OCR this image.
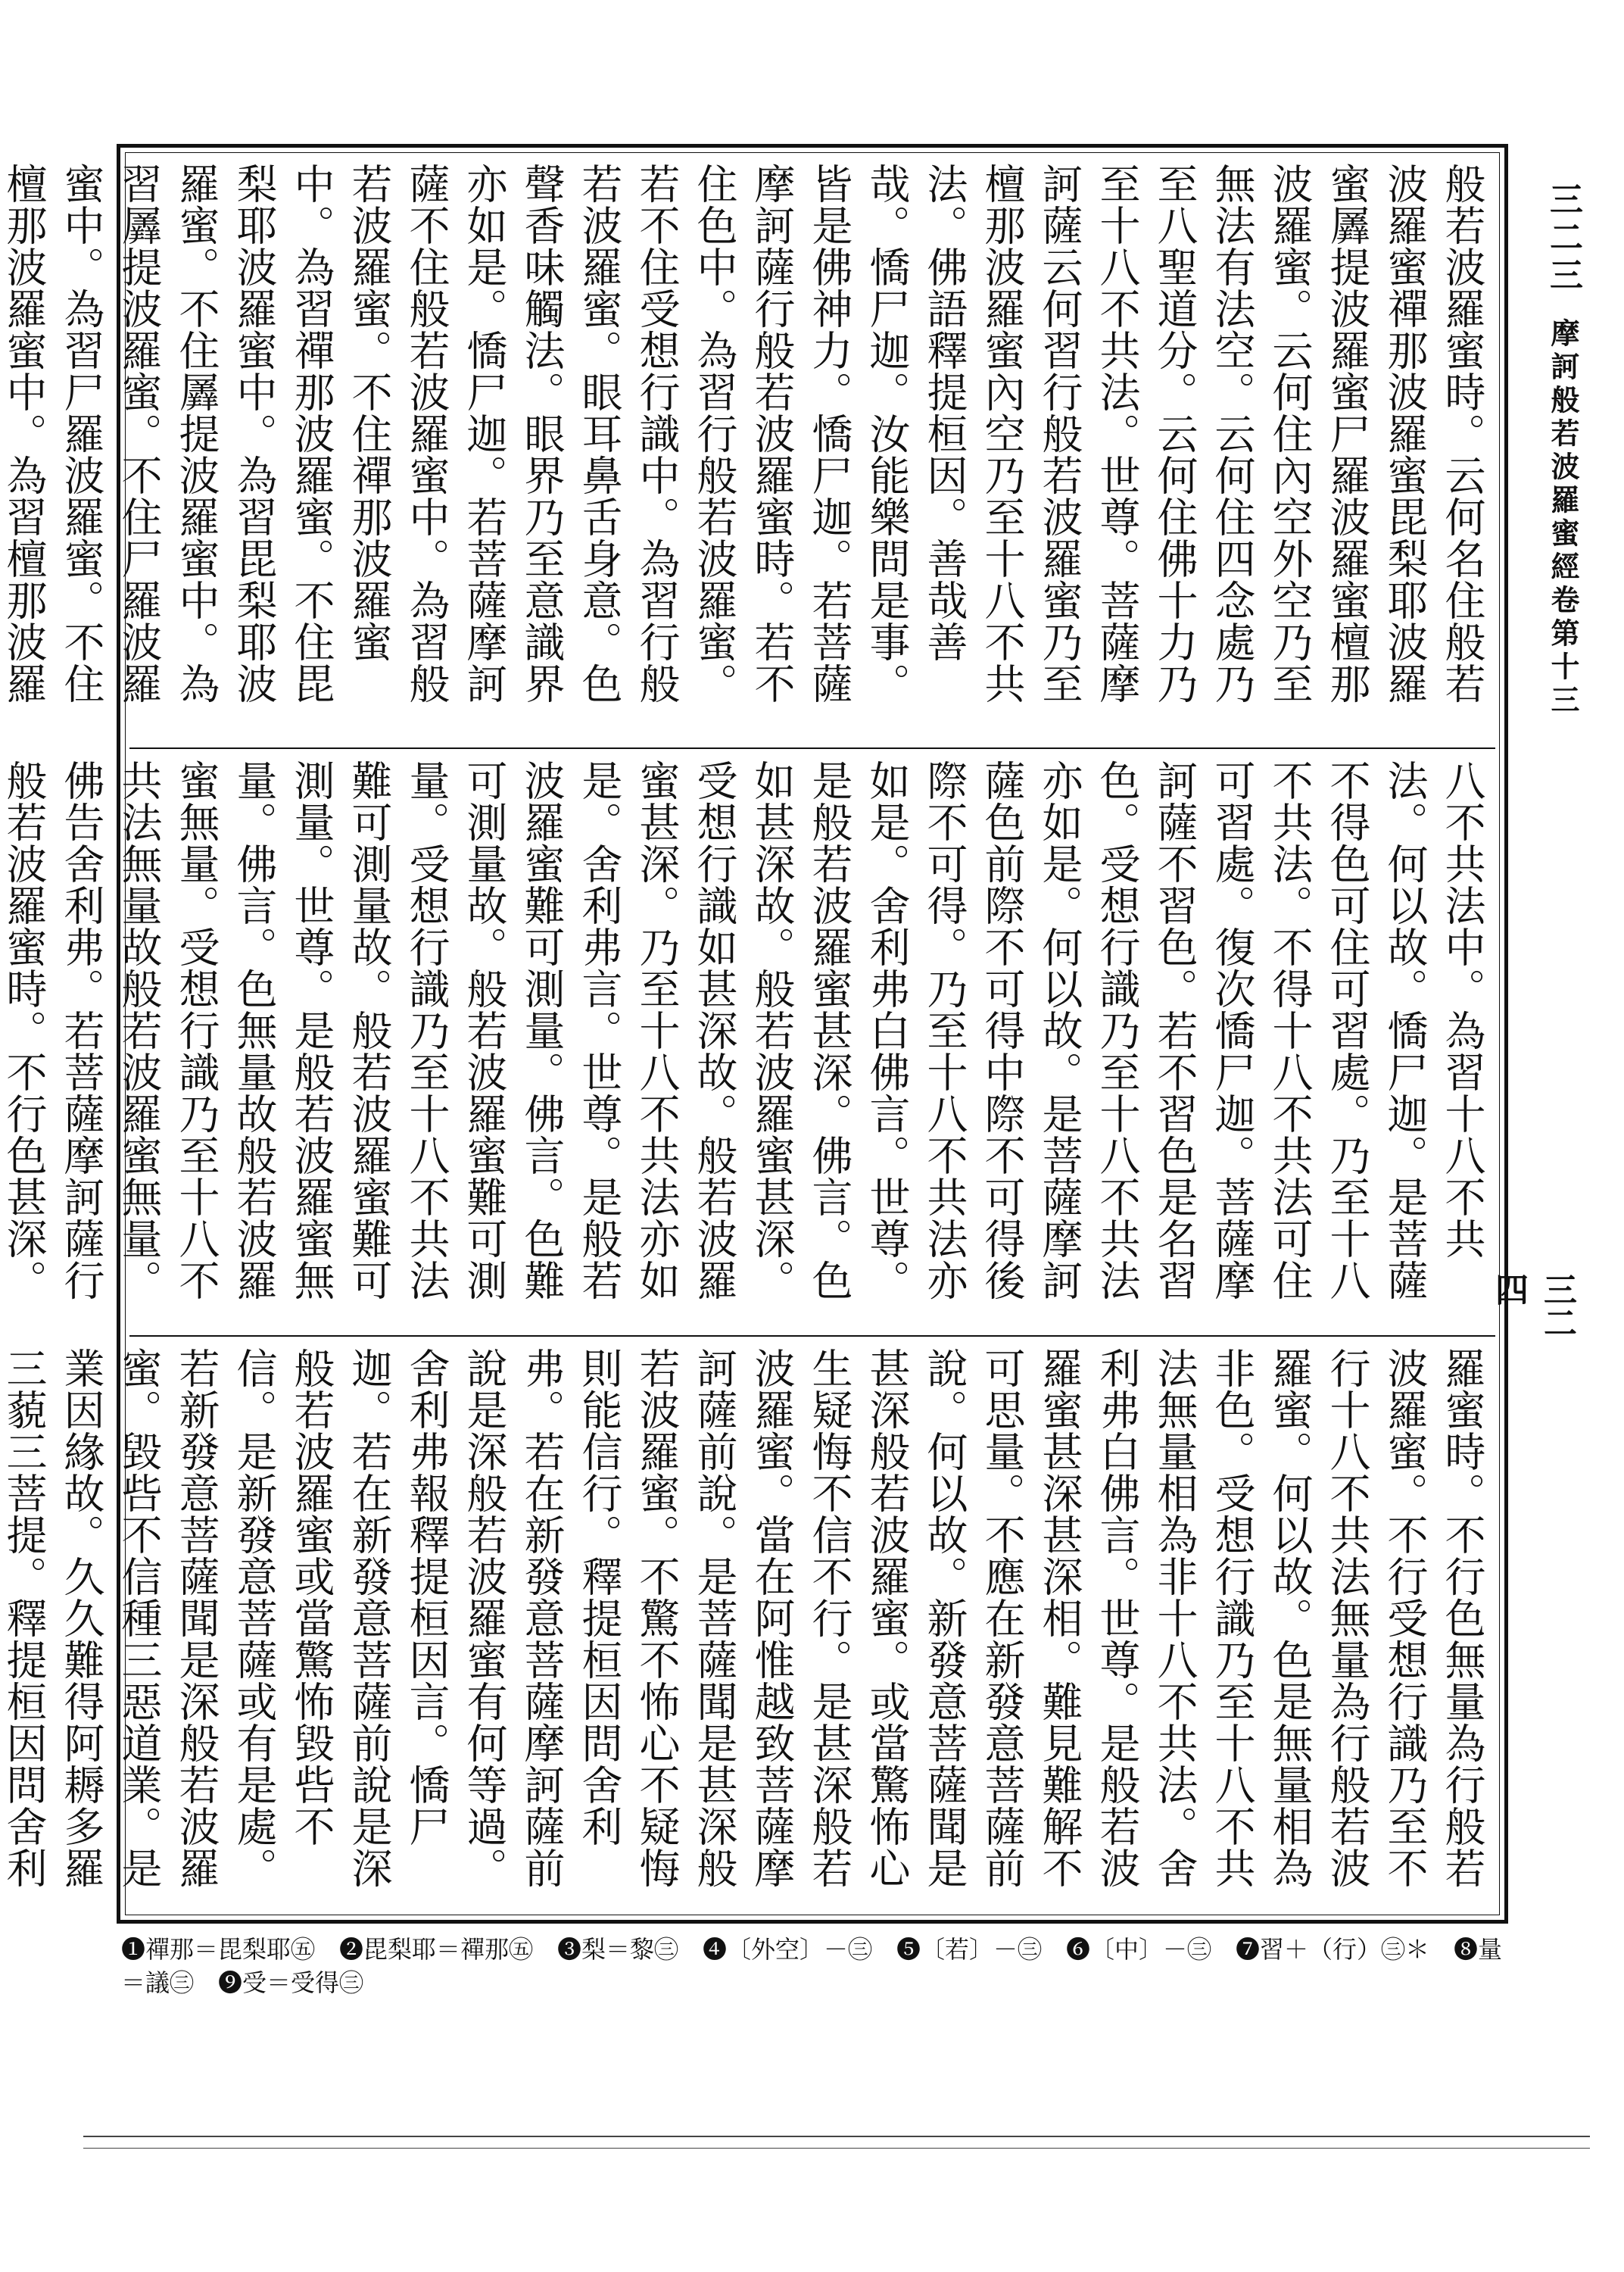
三二三摩訶般若波羅蜜經卷第十三
三二四
般若波羅蜜時。云何名住般若波羅蜜禪那波羅蜜毘梨耶波羅蜜羼提波羅蜜尸羅波羅蜜檀那波羅蜜。云何住內空外空乃至無法有法空。云何住四念處乃至八聖道分。云何住佛十力乃至十八不共法。世尊。菩薩摩訶薩云何習行般若波羅蜜乃至檀那波羅蜜內空乃至十八不共法。佛語釋提桓因。善哉善哉。憍尸迦。汝能樂問是事。皆是佛神力。憍尸迦。若菩薩摩訶薩行般若波羅蜜時。若不住色中。為習行般若波羅蜜。若不住受想行識中。為習行般若波羅蜜。眼耳鼻舌身意。色聲香味觸法。眼界乃至意識界亦如是。憍尸迦。若菩薩摩訶薩不住般若波羅蜜中。為習般若波羅蜜。不住禪那波羅蜜中。為習禪那波羅蜜。不住毘梨耶波羅蜜中。為習毘梨耶波羅蜜。不住羼提波羅蜜中。為習羼提波羅蜜。不住尸羅波羅蜜中。為習尸羅波羅蜜。不住檀那波羅蜜中。為習檀那波羅
八不共法中。為習十八不共法。何以故。憍尸迦。是菩薩不得色可住可習處。乃至十八不共法。不得十八不共法可住可習處。復次憍尸迦。菩薩摩訶薩不習色。若不習色是名習色。受想行識乃至十八不共法亦如是。何以故。是菩薩摩訶薩色前際不可得中際不可得後際不可得。乃至十八不共法亦如是。舍利弗白佛言。世尊。是般若波羅蜜甚深。佛言。色如甚深故。般若波羅蜜甚深。受想行識如甚深故。般若波羅蜜甚深。乃至十八不共法亦如是。舍利弗言。世尊。是般若波羅蜜難可測量。佛言。色難可測量故。般若波羅蜜難可測量。受想行識乃至十八不共法難可測量故。般若波羅蜜難可測量。世尊。是般若波羅蜜無量。佛言。色無量故般若波羅蜜無量。受想行識乃至十八不共法無量故般若波羅蜜無量。佛告舍利弗。若菩薩摩訶薩行般若波羅蜜時。不行色甚深。
羅蜜時。不行色無量為行般若波羅蜜。不行受想行識乃至不行十八不共法無量為行般若波羅蜜。何以故。色是無量相為非色。受想行識乃至十八不共法無量相為非十八不共法。舍利弗白佛言。世尊。是般若波羅蜜甚深甚深相。難見難解不可思量。不應在新發意菩薩前說。何以故。新發意菩薩聞是甚深般若波羅蜜。或當驚怖心生疑悔不信不行。是甚深般若波羅蜜。當在阿惟越致菩薩摩訶薩前說。是菩薩聞是甚深般若波羅蜜。不驚不怖心不疑悔則能信行。釋提桓因問舍利弗。若在新發意菩薩摩訶薩前說是深般若波羅蜜有何等過。舍利弗報釋提桓因言。憍尸迦。若在新發意菩薩前說是深般若波羅蜜或當驚怖毀呰不信。是新發意菩薩或有是處。若新發意菩薩聞是深般若波羅蜜。毀呰不信種三惡道業。是業因緣故。久久難得阿耨多羅三藐三菩提。釋提桓因問舍利
❶禪那＝毘梨耶㊄　❷毘梨耶＝禪那㊄　❸梨＝黎㊂　❹〔外空〕－㊂　❺〔若〕－㊂　❻〔中〕－㊂　❼習＋（行）㊂＊　❽量＝議㊂　❾受＝受得㊂
